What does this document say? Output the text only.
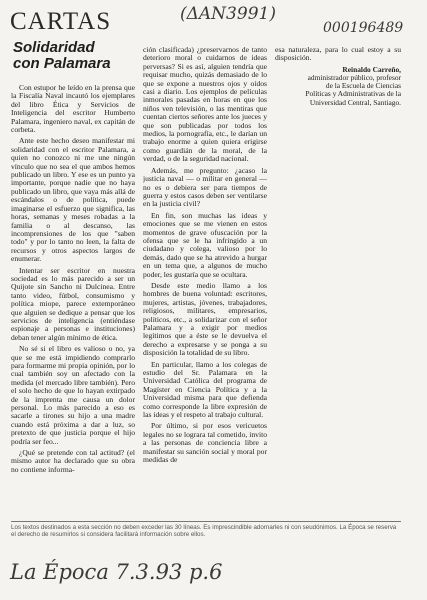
CARTAS	(ΔAN3991)
000196489
Solidaridad
con Palamara

Con estupor he leído en la prensa que la Fiscalía Naval incautó los ejemplares del libro Ética y Servicios de Inteligencia del escritor Humberto Palamara, ingeniero naval, ex capitán de corbeta.

Ante este hecho deseo manifestar mi solidaridad con el escritor Palamara, a quien no conozco ni me une ningún vínculo que no sea el que ambos hemos publicado un libro. Y ese es un punto ya importante, porque nadie que no haya publicado un libro, que vaya más allá de escándalos o de política, puede imaginarse el esfuerzo que significa, las horas, semanas y meses robadas a la familia o al descanso, las incomprensiones de los que "saben todo" y por lo tanto no leen, la falta de recursos y otros aspectos largos de enumerar.

Intentar ser escritor en nuestra sociedad es lo más parecido a ser un Quijote sin Sancho ni Dulcinea. Entre tanto video, fútbol, consumismo y política miope, parece extemporáneo que alguien se dedique a pensar que los servicios de inteligencia (entiéndase espionaje a personas e instituciones) deban tener algún mínimo de ética.

No sé si el libro es valioso o no, ya que se me está impidiendo comprarlo para formarme mi propia opinión, por lo cual también soy un afectado con la medida (el mercado libre también). Pero el solo hecho de que lo hayan extirpado de la imprenta me causa un dolor personal. Lo más parecido a eso es sacarle a tirones su hijo a una madre cuando está próxima a dar a luz, so pretexto de que justicia porque el hijo podría ser feo...

¿Qué se pretende con tal actitud? (el mismo autor ha declarado que su obra no contiene informa-

ción clasificada) ¿preservarnos de tanto deterioro moral o cuidarnos de ideas perversas? Si es así, alguien tendría que requisar mucho, quizás demasiado de lo que se expone a nuestros ojos y oídos casi a diario. Los ejemplos de películas inmorales pasadas en horas en que los niños ven televisión, o las mentiras que cuentan ciertos señores ante los jueces y que son publicadas por todos los medios, la pornografía, etc., le darían un trabajo enorme a quien quiera erigirse como guardián de la moral, de la verdad, o de la seguridad nacional.

Además, me pregunto: ¿acaso la justicia naval — o militar en general — no es o debiera ser para tiempos de guerra y estos casos deben ser ventilarse en la justicia civil?

En fin, son muchas las ideas y emociones que se me vienen en estos momentos de grave ofuscación por la ofensa que se le ha infringido a un ciudadano y colega, valioso por lo demás, dado que se ha atrevido a hurgar en un tema que, a algunos de mucho poder, les gustaría que se ocultara.

Desde este medio llamo a los hombres de buena voluntad: escritores, mujeres, artistas, jóvenes, trabajadores, religiosos, militares, empresarios, políticos, etc., a solidarizar con el señor Palamara y a exigir por medios legítimos que a éste se le devuelva el derecho a expresarse y se ponga a su disposición la totalidad de su libro.

En particular, llamo a los colegas de estudio del Sr. Palamara en la Universidad Católica del programa de Magíster en Ciencia Política y a la Universidad misma para que defienda como corresponde la libre expresión de las ideas y el respeto al trabajo cultural.

Por último, si por esos vericuetos legales no se lograra tal cometido, invito a las personas de conciencia libre a manifestar su sanción social y moral por medidas de

esa naturaleza, para lo cual estoy a su disposición.

Reinaldo Carreño,
administrador público, profesor
de la Escuela de Ciencias
Políticas y Administrativas de la
Universidad Central, Santiago.
Los textos destinados a esta sección no deben exceder las 30 líneas. Es imprescindible adornarles ni con seudónimos. La Época se reserva el derecho de resumirlos si considera facilitará información sobre ellos.
La Época 7.3.93 p.6
